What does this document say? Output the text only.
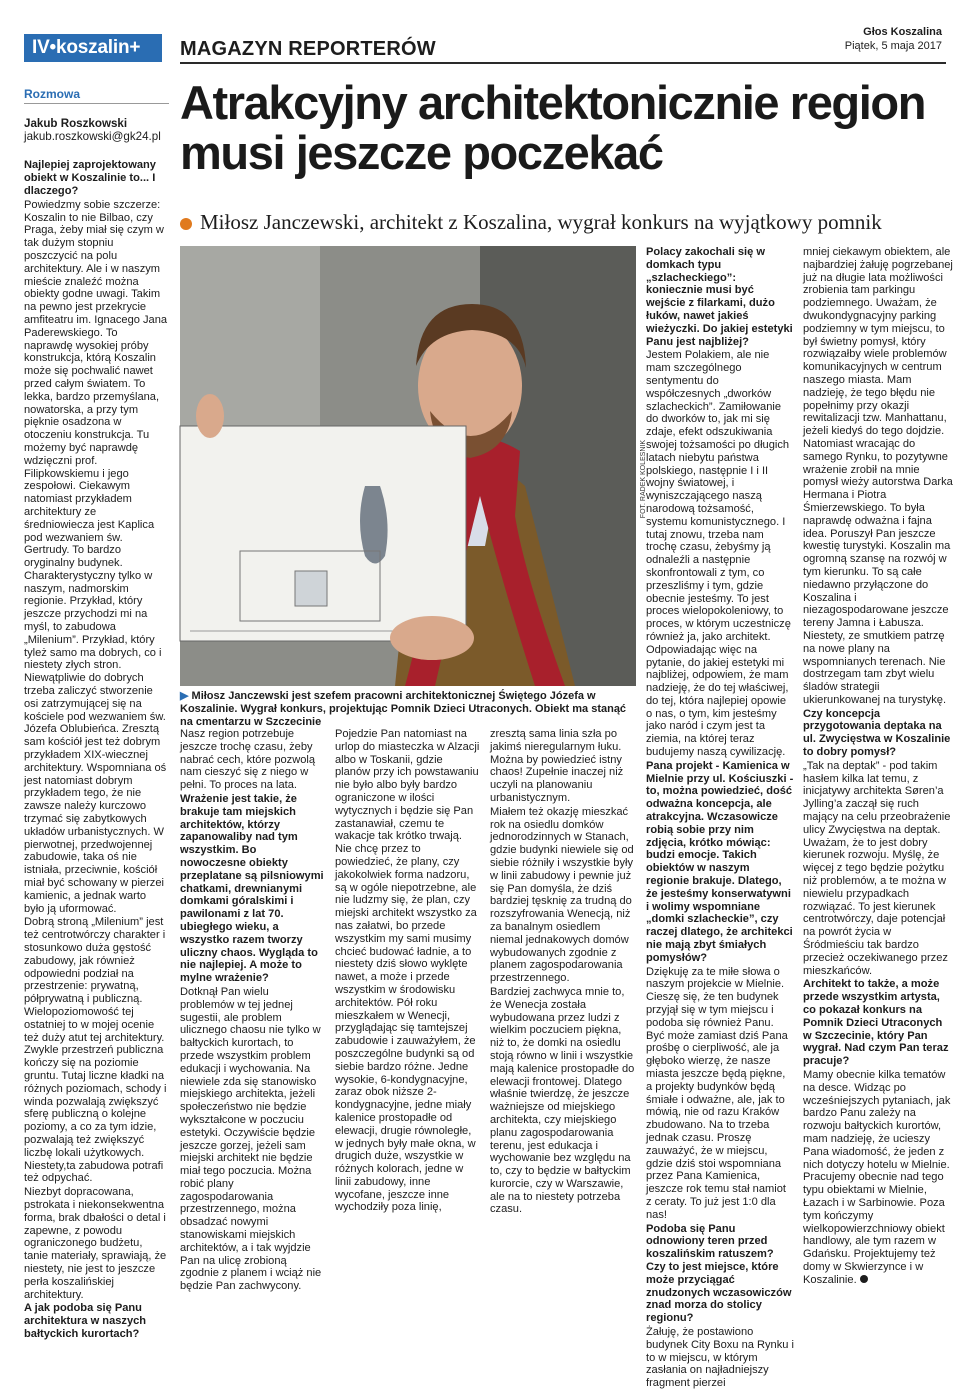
IV•koszalin+	MAGAZYN REPORTERÓW
Głos Koszalina
Piątek, 5 maja 2017
Atrakcyjny architektonicznie region musi jeszcze poczekać
Miłosz Janczewski, architekt z Koszalina, wygrał konkurs na wyjątkowy pomnik
Rozmowa
Jakub Roszkowski
jakub.roszkowski@gk24.pl

Najlepiej zaprojektowany obiekt w Koszalinie to... I dlaczego?

Powiedzmy sobie szczerze: Koszalin to nie Bilbao, czy Praga, żeby miał się czym w tak dużym stopniu poszczycić na polu architektury. Ale i w naszym mieście znaleźć można obiekty godne uwagi. Takim na pewno jest przekrycie amfiteatru im. Ignacego Jana Paderewskiego. To naprawdę wysokiej próby konstrukcja, którą Koszalin może się pochwalić nawet przed całym światem. To lekka, bardzo przemyślana, nowatorska, a przy tym pięknie osadzona w otoczeniu konstrukcja. Tu możemy być naprawdę wdzięczni prof. Filipkowskiemu i jego zespołowi. Ciekawym natomiast przykładem architektury ze średniowiecza jest Kaplica pod wezwaniem św. Gertrudy. To bardzo oryginalny budynek. Charakterystyczny tylko w naszym, nadmorskim regionie. Przykład, który jeszcze przychodzi mi na myśl, to zabudowa „Milenium”. Przykład, który tyleż samo ma dobrych, co i niestety złych stron. Niewątpliwie do dobrych trzeba zaliczyć stworzenie osi zatrzymującej się na kościele pod wezwaniem św. Józefa Oblubieńca. Zresztą sam kościół jest też dobrym przykładem XIX-wiecznej architektury. Wspomniana oś jest natomiast dobrym przykładem tego, że nie zawsze należy kurczowo trzymać się zabytkowych układów urbanistycznych. W pierwotnej, przedwojennej zabudowie, taka oś nie istniała, przeciwnie, kościół miał być schowany w pierzei kamienic, a jednak warto było ją uformować.

Dobrą stroną „Milenium” jest też centrotwórczy charakter i stosunkowo duża gęstość zabudowy, jak również odpowiedni podział na przestrzenie: prywatną, półprywatną i publiczną. Wielopoziomowość tej ostatniej to w mojej ocenie też duży atut tej architektury. Zwykle przestrzeń publiczna kończy się na poziomie gruntu. Tutaj liczne kładki na różnych poziomach, schody i winda pozwalają zwiększyć sferę publiczną o kolejne poziomy, a co za tym idzie, pozwalają też zwiększyć liczbę lokali użytkowych. Niestety,ta zabudowa potrafi też odpychać.

Niezbyt dopracowana, pstrokata i niekonsekwentna forma, brak dbałości o detal i zapewne, z powodu ograniczonego budżetu, tanie materiały, sprawiają, że niestety, nie jest to jeszcze perła koszalińskiej architektury.

A jak podoba się Panu architektura w naszych bałtyckich kurortach?

FOT. RADEK KOLESNIK
▶ Miłosz Janczewski jest szefem pracowni architektonicznej Świętego Józefa w Koszalinie. Wygrał konkurs, projektując Pomnik Dzieci Utraconych. Obiekt ma stanąć na cmentarzu w Szczecinie

Nasz region potrzebuje jeszcze trochę czasu, żeby nabrać cech, które pozwolą nam cieszyć się z niego w pełni. To proces na lata.

Wrażenie jest takie, że brakuje tam miejskich architektów, którzy zapanowaliby nad tym wszystkim. Bo nowoczesne obiekty przeplatane są pilsniowymi chatkami, drewnianymi domkami góralskimi i pawilonami z lat 70. ubiegłego wieku, a wszystko razem tworzy uliczny chaos. Wygląda to nie najlepiej. A może to mylne wrażenie?

Dotknął Pan wielu problemów w tej jednej sugestii, ale problem ulicznego chaosu nie tylko w bałtyckich kurortach, to przede wszystkim problem edukacji i wychowania. Na niewiele zda się stanowisko miejskiego architekta, jeżeli społeczeństwo nie będzie wykształcone w poczuciu estetyki. Oczywiście będzie jeszcze gorzej, jeżeli sam miejski architekt nie będzie miał tego poczucia. Można robić plany zagospodarowania przestrzennego, można obsadzać nowymi stanowiskami miejskich architektów, a i tak wyjdzie Pan na ulicę zrobioną zgodnie z planem i wciąż nie będzie Pan zachwycony.

Pojedzie Pan natomiast na urlop do miasteczka w Alzacji albo w Toskanii, gdzie planów przy ich powstawaniu nie było albo były bardzo ograniczone w ilości wytycznych i będzie się Pan zastanawiał, czemu te wakacje tak krótko trwają. Nie chcę przez to powiedzieć, że plany, czy jakokolwiek forma nadzoru, są w ogóle niepotrzebne, ale nie ludzmy się, że plan, czy miejski architekt wszystko za nas załatwi, bo przede wszystkim my sami musimy chcieć budować ładnie, a to niestety dziś słowo wyklęte nawet, a może i przede wszystkim w środowisku architektów. Pół roku mieszkałem w Wenecji, przyglądając się tamtejszej zabudowie i zauważyłem, że poszczególne budynki są od siebie bardzo różne. Jedne wysokie, 6-kondygnacyjne, zaraz obok niższe 2-kondygnacyjne, jedne miały kalenice prostopadłe od elewacji, drugie równoległe, w jednych były małe okna, w drugich duże, wszystkie w różnych kolorach, jedne w linii zabudowy, inne wycofane, jeszcze inne wychodziły poza linię,

zresztą sama linia szła po jakimś nieregularnym łuku. Można by powiedzieć istny chaos! Zupełnie inaczej niż uczyli na planowaniu urbanistycznym.

Miałem też okazję mieszkać rok na osiedlu domków jednorodzinnych w Stanach, gdzie budynki niewiele się od siebie różniły i wszystkie były w linii zabudowy i pewnie już się Pan domyśla, że dziś bardziej tęsknię za trudną do rozszyfrowania Wenecją, niż za banalnym osiedlem niemal jednakowych domów wybudowanych zgodnie z planem zagospodarowania przestrzennego.

Bardziej zachwyca mnie to, że Wenecja została wybudowana przez ludzi z wielkim poczuciem piękna, niż to, że domki na osiedlu stoją równo w linii i wszystkie mają kalenice prostopadłe do elewacji frontowej. Dlatego właśnie twierdzę, że jeszcze ważniejsze od miejskiego architekta, czy miejskiego planu zagospodarowania terenu, jest edukacja i wychowanie bez względu na to, czy to będzie w bałtyckim kurorcie, czy w Warszawie, ale na to niestety potrzeba czasu.

Polacy zakochali się w domkach typu „szlacheckiego”: koniecznie musi być wejście z filarkami, dużo łuków, nawet jakieś wieżyczki. Do jakiej estetyki Panu jest najbliżej?

Jestem Polakiem, ale nie mam szczególnego sentymentu do współczesnych „dworków szlacheckich”. Zamiłowanie do dworków to, jak mi się zdaje, efekt odszukiwania swojej tożsamości po długich latach niebytu państwa polskiego, następnie I i II wojny światowej, i wyniszczającego naszą narodową tożsamość, systemu komunistycznego. I tutaj znowu, trzeba nam trochę czasu, żebyśmy ją odnaleźli a następnie skonfrontowali z tym, co przeszliśmy i tym, gdzie obecnie jesteśmy. To jest proces wielopokoleniowy, to proces, w którym uczestniczę również ja, jako architekt. Odpowiadając więc na pytanie, do jakiej estetyki mi najbliżej, odpowiem, że mam nadzieję, że do tej właściwej, do tej, która najlepiej opowie o nas, o tym, kim jesteśmy jako naród i czym jest ta ziemia, na której teraz budujemy naszą cywilizację.

Pana projekt - Kamienica w Mielnie przy ul. Kościuszki - to, można powiedzieć, dość odważna koncepcja, ale atrakcyjna. Wczasowicze robią sobie przy nim zdjęcia, krótko mówiąc: budzi emocje. Takich obiektów w naszym regionie brakuje. Dlatego, że jesteśmy konserwatywni i wolimy wspomniane „domki szlacheckie”, czy raczej dlatego, że architekci nie mają zbyt śmiałych pomysłów?

Dziękuję za te miłe słowa o naszym projekcie w Mielnie. Cieszę się, że ten budynek przyjął się w tym miejscu i podoba się również Panu. Być może zamiast dziś Pana prośbę o cierpliwość, ale ja głęboko wierzę, że nasze miasta jeszcze będą piękne, a projekty budynków będą śmiałe i odważne, ale, jak to mówią, nie od razu Kraków zbudowano. Na to trzeba jednak czasu. Proszę zauważyć, że w miejscu, gdzie dziś stoi wspomniana przez Pana Kamienica, jeszcze rok temu stał namiot z ceraty. To już jest 1:0 dla nas!

Podoba się Panu odnowiony teren przed koszalińskim ratuszem? Czy to jest miejsce, które może przyciągać znudzonych wczasowiczów znad morza do stolicy regionu?

Żałuję, że postawiono budynek City Boxu na Rynku i to w miejscu, w którym zasłania on najładniejszy fragment pierzei

mniej ciekawym obiektem, ale najbardziej żałuję pogrzebanej już na długie lata możliwości zrobienia tam parkingu podziemnego. Uważam, że dwukondygnacyjny parking podziemny w tym miejscu, to był świetny pomysł, który rozwiązałby wiele problemów komunikacyjnych w centrum naszego miasta. Mam nadzieję, że tego błędu nie popełnimy przy okazji rewitalizacji tzw. Manhattanu, jeżeli kiedyś do tego dojdzie. Natomiast wracając do samego Rynku, to pozytywne wrażenie zrobił na mnie pomysł wieży autorstwa Darka Hermana i Piotra Śmierzewskiego. To była naprawdę odważna i fajna idea. Poruszył Pan jeszcze kwestię turystyki. Koszalin ma ogromną szansę na rozwój w tym kierunku. To są całe niedawno przyłączone do Koszalina i niezagospodarowane jeszcze tereny Jamna i Łabusza. Niestety, ze smutkiem patrzę na nowe plany na wspomnianych terenach. Nie dostrzegam tam zbyt wielu śladów strategii ukierunkowanej na turystykę.

Czy koncepcja przygotowania deptaka na ul. Zwycięstwa w Koszalinie to dobry pomysł?

„Tak na deptak” - pod takim hasłem kilka lat temu, z inicjatywy architekta Søren’a Jylling’a zaczął się ruch mający na celu przeobrażenie ulicy Zwycięstwa na deptak. Uważam, że to jest dobry kierunek rozwoju. Myślę, że więcej z tego będzie pożytku niż problemów, a te można w niewielu przypadkach rozwiązać. To jest kierunek centrotwórczy, daje potencjał na powrót życia w Śródmieściu tak bardzo przecież oczekiwanego przez mieszkańców.

Architekt to także, a może przede wszystkim artysta, co pokazał konkurs na Pomnik Dzieci Utraconych w Szczecinie, który Pan wygrał. Nad czym Pan teraz pracuje?

Mamy obecnie kilka tematów na desce. Widząc po wcześniejszych pytaniach, jak bardzo Panu zależy na rozwoju bałtyckich kurortów, mam nadzieję, że ucieszy Pana wiadomość, że jeden z nich dotyczy hotelu w Mielnie. Pracujemy obecnie nad tego typu obiektami w Mielnie, Łazach i w Sarbinowie. Poza tym kończymy wielkopowierzchniowy obiekt handlowy, ale tym razem w Gdańsku. Projektujemy też domy w Skwierzynce i w Koszalinie.
